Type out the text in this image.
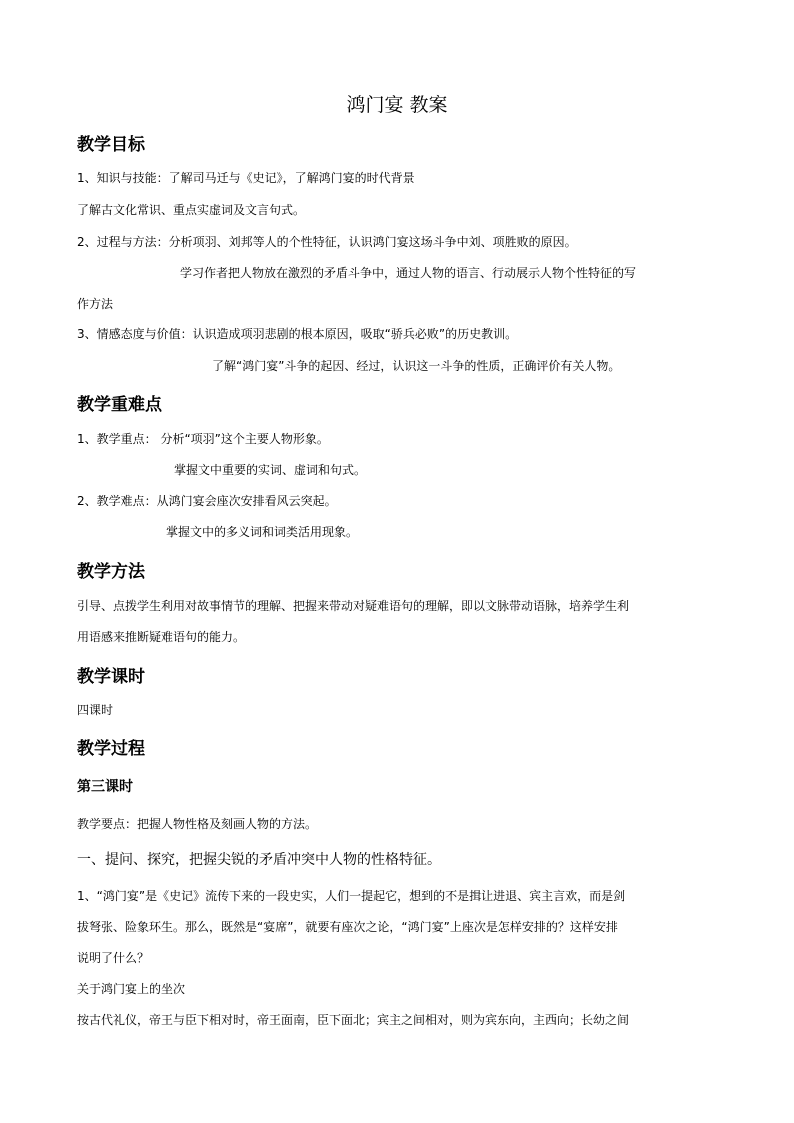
鸿门宴 教案
教学目标
1、知识与技能：了解司马迁与《史记》，了解鸿门宴的时代背景
了解古文化常识、重点实虚词及文言句式。
2、过程与方法：分析项羽、刘邦等人的个性特征，认识鸿门宴这场斗争中刘、项胜败的原因。
学习作者把人物放在激烈的矛盾斗争中，通过人物的语言、行动展示人物个性特征的写
作方法
3、情感态度与价值：认识造成项羽悲剧的根本原因，吸取“骄兵必败”的历史教训。
了解“鸿门宴”斗争的起因、经过，认识这一斗争的性质，正确评价有关人物。
教学重难点
1、教学重点： 分析“项羽”这个主要人物形象。
掌握文中重要的实词、虚词和句式。
2、教学难点：从鸿门宴会座次安排看风云突起。
掌握文中的多义词和词类活用现象。
教学方法
引导、点拨学生利用对故事情节的理解、把握来带动对疑难语句的理解，即以文脉带动语脉，培养学生利
用语感来推断疑难语句的能力。
教学课时
四课时
教学过程
第三课时
教学要点：把握人物性格及刻画人物的方法。
一、提问、探究，把握尖锐的矛盾冲突中人物的性格特征。
1、“鸿门宴”是《史记》流传下来的一段史实，人们一提起它，想到的不是揖让进退、宾主言欢，而是剑
拔弩张、险象环生。那么，既然是“宴席”，就要有座次之论，“鸿门宴”上座次是怎样安排的？这样安排
说明了什么？
关于鸿门宴上的坐次
按古代礼仪，帝王与臣下相对时，帝王面南，臣下面北；宾主之间相对，则为宾东向，主西向；长幼之间
